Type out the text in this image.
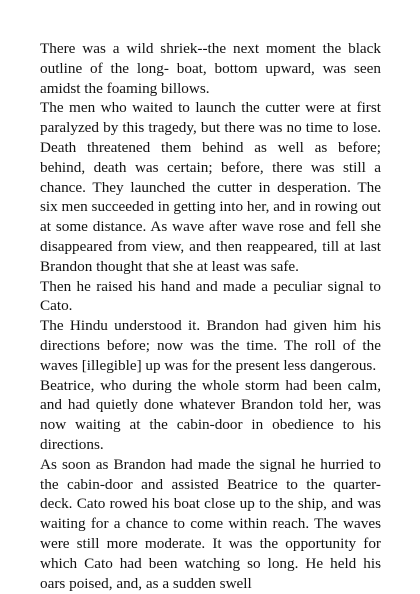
There was a wild shriek--the next moment the black outline of the long- boat, bottom upward, was seen amidst the foaming billows.

The men who waited to launch the cutter were at first paralyzed by this tragedy, but there was no time to lose. Death threatened them behind as well as before; behind, death was certain; before, there was still a chance. They launched the cutter in desperation. The six men succeeded in getting into her, and in rowing out at some distance. As wave after wave rose and fell she disappeared from view, and then reappeared, till at last Brandon thought that she at least was safe.

Then he raised his hand and made a peculiar signal to Cato.

The Hindu understood it. Brandon had given him his directions before; now was the time. The roll of the waves [illegible] up was for the present less dangerous.

Beatrice, who during the whole storm had been calm, and had quietly done whatever Brandon told her, was now waiting at the cabin-door in obedience to his directions.

As soon as Brandon had made the signal he hurried to the cabin-door and assisted Beatrice to the quarter-deck. Cato rowed his boat close up to the ship, and was waiting for a chance to come within reach. The waves were still more moderate. It was the opportunity for which Cato had been watching so long. He held his oars poised, and, as a sudden swell
